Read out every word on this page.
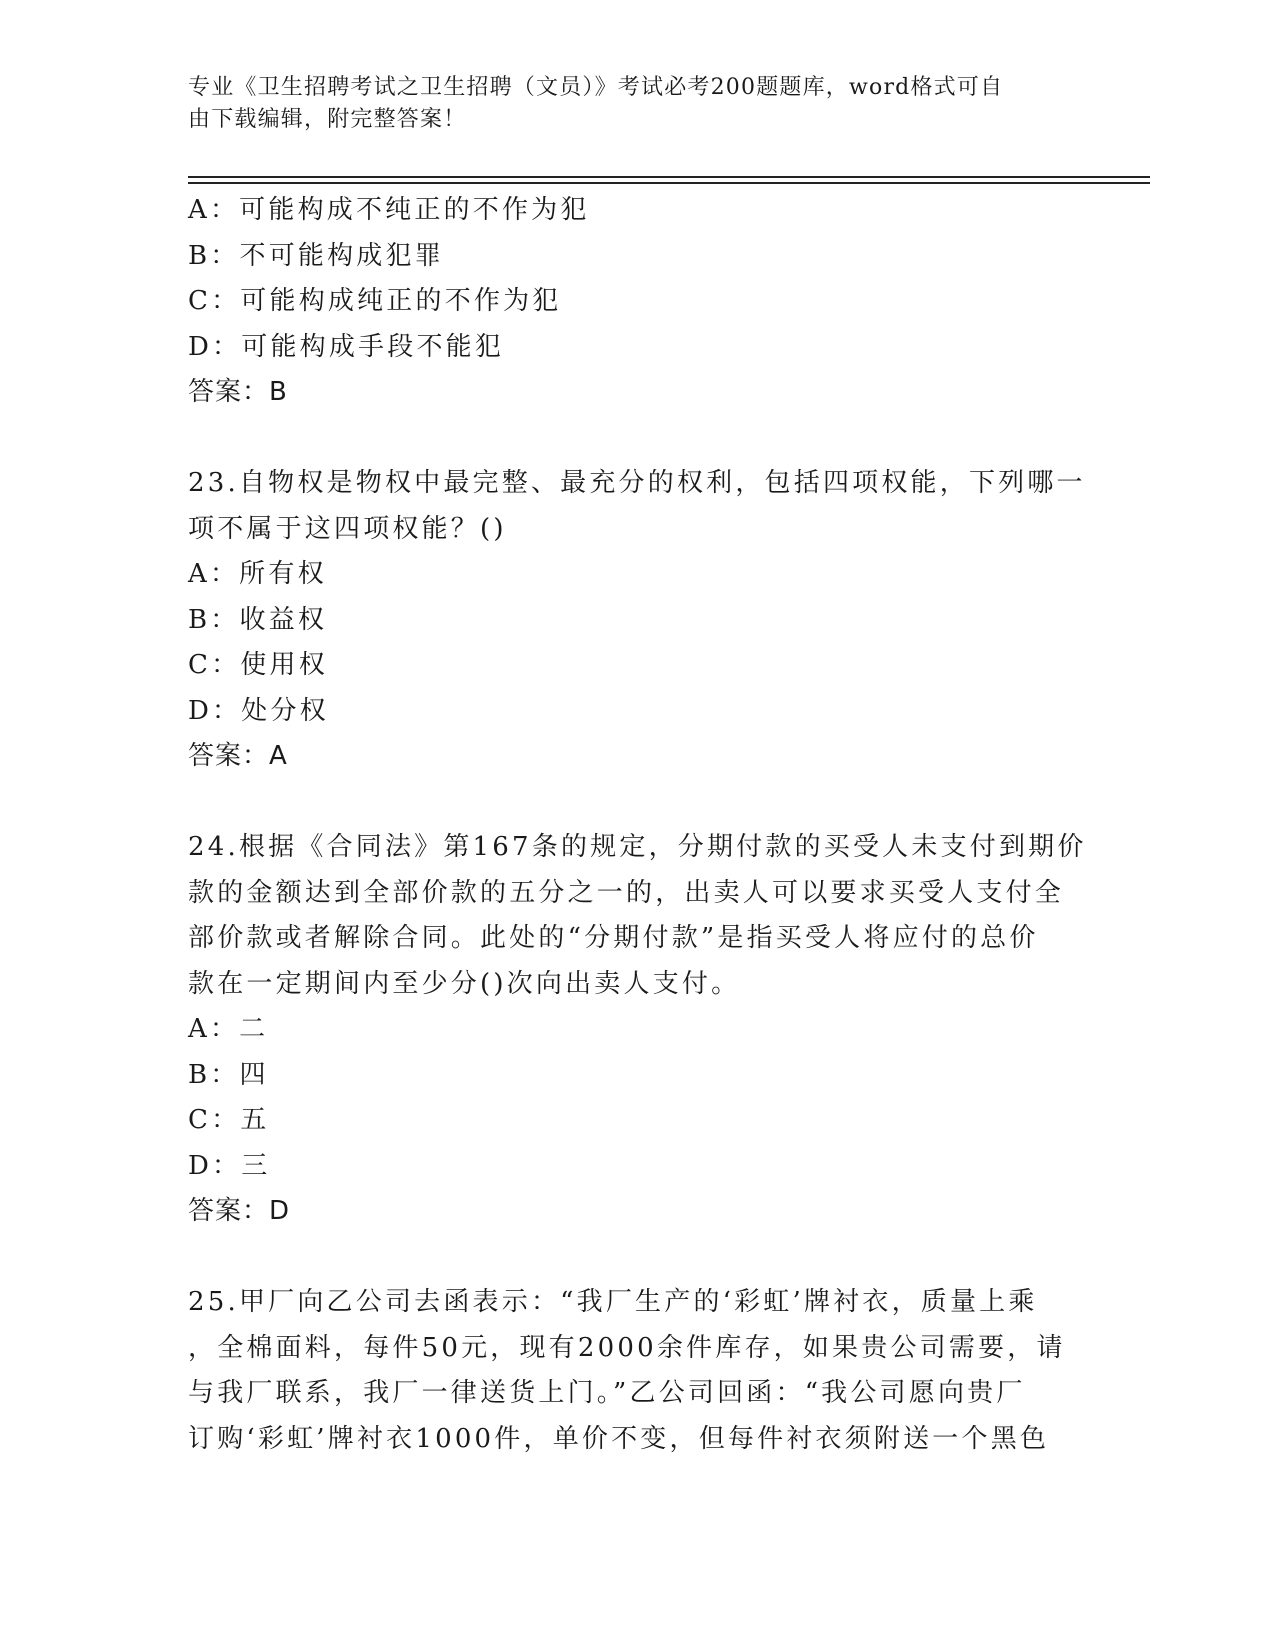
专业《卫生招聘考试之卫生招聘（文员）》考试必考200题题库，word格式可自
由下载编辑，附完整答案！
A：可能构成不纯正的不作为犯
B：不可能构成犯罪
C：可能构成纯正的不作为犯
D：可能构成手段不能犯
答案：B
23.自物权是物权中最完整、最充分的权利，包括四项权能，下列哪一
项不属于这四项权能？()
A：所有权
B：收益权
C：使用权
D：处分权
答案：A
24.根据《合同法》第167条的规定，分期付款的买受人未支付到期价
款的金额达到全部价款的五分之一的，出卖人可以要求买受人支付全
部价款或者解除合同。此处的“分期付款”是指买受人将应付的总价
款在一定期间内至少分()次向出卖人支付。
A：二
B：四
C：五
D：三
答案：D
25.甲厂向乙公司去函表示：“我厂生产的‘彩虹’牌衬衣，质量上乘
，全棉面料，每件50元，现有2000余件库存，如果贵公司需要，请
与我厂联系，我厂一律送货上门。”乙公司回函：“我公司愿向贵厂
订购‘彩虹’牌衬衣1000件，单价不变，但每件衬衣须附送一个黑色
